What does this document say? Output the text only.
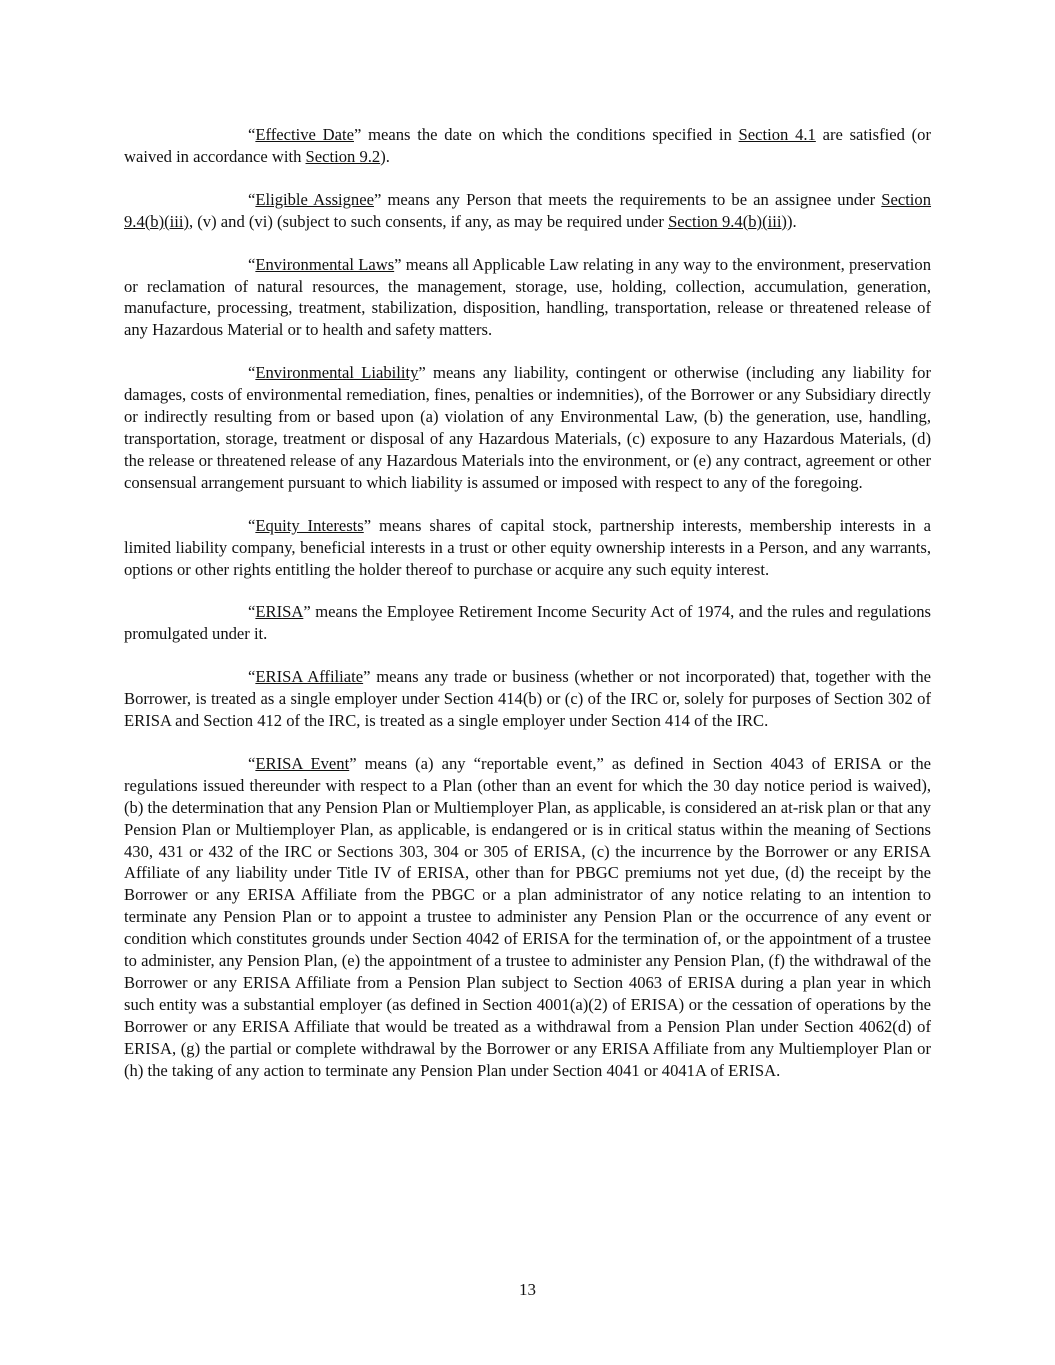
“Effective Date” means the date on which the conditions specified in Section 4.1 are satisfied (or waived in accordance with Section 9.2).

“Eligible Assignee” means any Person that meets the requirements to be an assignee under Section 9.4(b)(iii), (v) and (vi) (subject to such consents, if any, as may be required under Section 9.4(b)(iii)).

“Environmental Laws” means all Applicable Law relating in any way to the environment, preservation or reclamation of natural resources, the management, storage, use, holding, collection, accumulation, generation, manufacture, processing, treatment, stabilization, disposition, handling, transportation, release or threatened release of any Hazardous Material or to health and safety matters.

“Environmental Liability” means any liability, contingent or otherwise (including any liability for damages, costs of environmental remediation, fines, penalties or indemnities), of the Borrower or any Subsidiary directly or indirectly resulting from or based upon (a) violation of any Environmental Law, (b) the generation, use, handling, transportation, storage, treatment or disposal of any Hazardous Materials, (c) exposure to any Hazardous Materials, (d) the release or threatened release of any Hazardous Materials into the environment, or (e) any contract, agreement or other consensual arrangement pursuant to which liability is assumed or imposed with respect to any of the foregoing.

“Equity Interests” means shares of capital stock, partnership interests, membership interests in a limited liability company, beneficial interests in a trust or other equity ownership interests in a Person, and any warrants, options or other rights entitling the holder thereof to purchase or acquire any such equity interest.

“ERISA” means the Employee Retirement Income Security Act of 1974, and the rules and regulations promulgated under it.

“ERISA Affiliate” means any trade or business (whether or not incorporated) that, together with the Borrower, is treated as a single employer under Section 414(b) or (c) of the IRC or, solely for purposes of Section 302 of ERISA and Section 412 of the IRC, is treated as a single employer under Section 414 of the IRC.

“ERISA Event” means (a) any “reportable event,” as defined in Section 4043 of ERISA or the regulations issued thereunder with respect to a Plan (other than an event for which the 30 day notice period is waived), (b) the determination that any Pension Plan or Multiemployer Plan, as applicable, is considered an at-risk plan or that any Pension Plan or Multiemployer Plan, as applicable, is endangered or is in critical status within the meaning of Sections 430, 431 or 432 of the IRC or Sections 303, 304 or 305 of ERISA, (c) the incurrence by the Borrower or any ERISA Affiliate of any liability under Title IV of ERISA, other than for PBGC premiums not yet due, (d) the receipt by the Borrower or any ERISA Affiliate from the PBGC or a plan administrator of any notice relating to an intention to terminate any Pension Plan or to appoint a trustee to administer any Pension Plan or the occurrence of any event or condition which constitutes grounds under Section 4042 of ERISA for the termination of, or the appointment of a trustee to administer, any Pension Plan, (e) the appointment of a trustee to administer any Pension Plan, (f) the withdrawal of the Borrower or any ERISA Affiliate from a Pension Plan subject to Section 4063 of ERISA during a plan year in which such entity was a substantial employer (as defined in Section 4001(a)(2) of ERISA) or the cessation of operations by the Borrower or any ERISA Affiliate that would be treated as a withdrawal from a Pension Plan under Section 4062(d) of ERISA, (g) the partial or complete withdrawal by the Borrower or any ERISA Affiliate from any Multiemployer Plan or (h) the taking of any action to terminate any Pension Plan under Section 4041 or 4041A of ERISA.

13
